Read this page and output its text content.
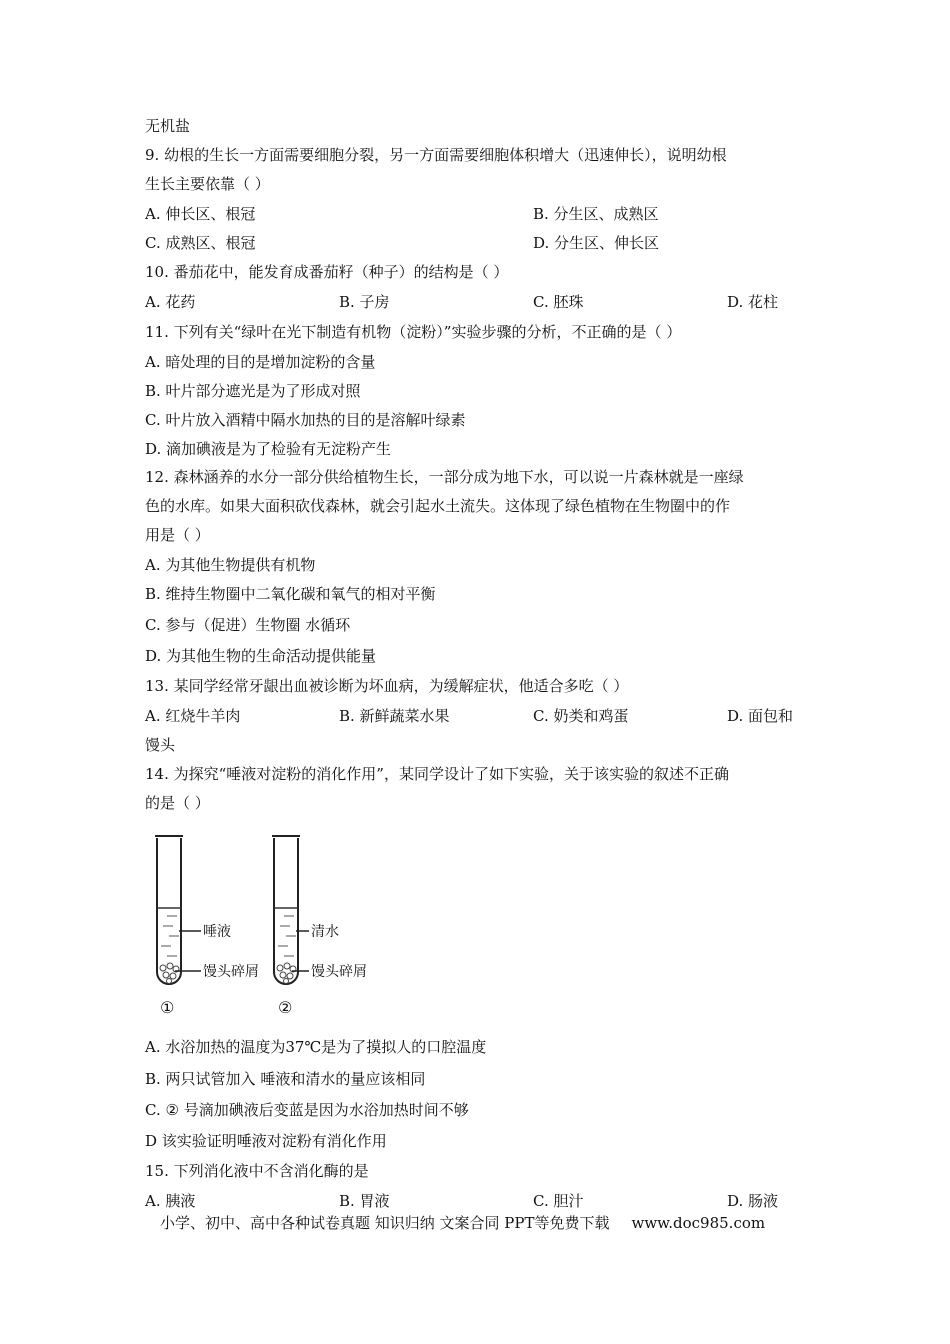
无机盐
9. 幼根的生长一方面需要细胞分裂，另一方面需要细胞体积增大（迅速伸长），说明幼根
生长主要依靠（ ）
A. 伸长区、根冠	B. 分生区、成熟区
C. 成熟区、根冠	D. 分生区、伸长区
10. 番茄花中，能发育成番茄籽（种子）的结构是（ ）
A. 花药	B. 子房	C. 胚珠	D. 花柱
11. 下列有关“绿叶在光下制造有机物（淀粉）”实验步骤的分析，不正确的是（ ）
A. 暗处理的目的是增加淀粉的含量
B. 叶片部分遮光是为了形成对照
C. 叶片放入酒精中隔水加热的目的是溶解叶绿素
D. 滴加碘液是为了检验有无淀粉产生
12. 森林涵养的水分一部分供给植物生长，一部分成为地下水，可以说一片森林就是一座绿
色的水库。如果大面积砍伐森林，就会引起水土流失。这体现了绿色植物在生物圈中的作
用是（ ）
A. 为其他生物提供有机物
B. 维持生物圈中二氧化碳和氧气的相对平衡
C. 参与（促进）生物圈 水循环
D. 为其他生物的生命活动提供能量
13. 某同学经常牙龈出血被诊断为坏血病，为缓解症状，他适合多吃（ ）
A. 红烧牛羊肉	B. 新鲜蔬菜水果	C. 奶类和鸡蛋	D. 面包和
馒头
14. 为探究“唾液对淀粉的消化作用”，某同学设计了如下实验，关于该实验的叙述不正确
的是（ ）
唾液
馒头碎屑
①
清水
馒头碎屑
②
A. 水浴加热的温度为37℃是为了摸拟人的口腔温度
B. 两只试管加入 唾液和清水的量应该相同
C. ② 号滴加碘液后变蓝是因为水浴加热时间不够
D 该实验证明唾液对淀粉有消化作用
15. 下列消化液中不含消化酶的是
A. 胰液	B. 胃液	C. 胆汁	D. 肠液
小学、初中、高中各种试卷真题 知识归纳 文案合同 PPT等免费下载 www.doc985.com
